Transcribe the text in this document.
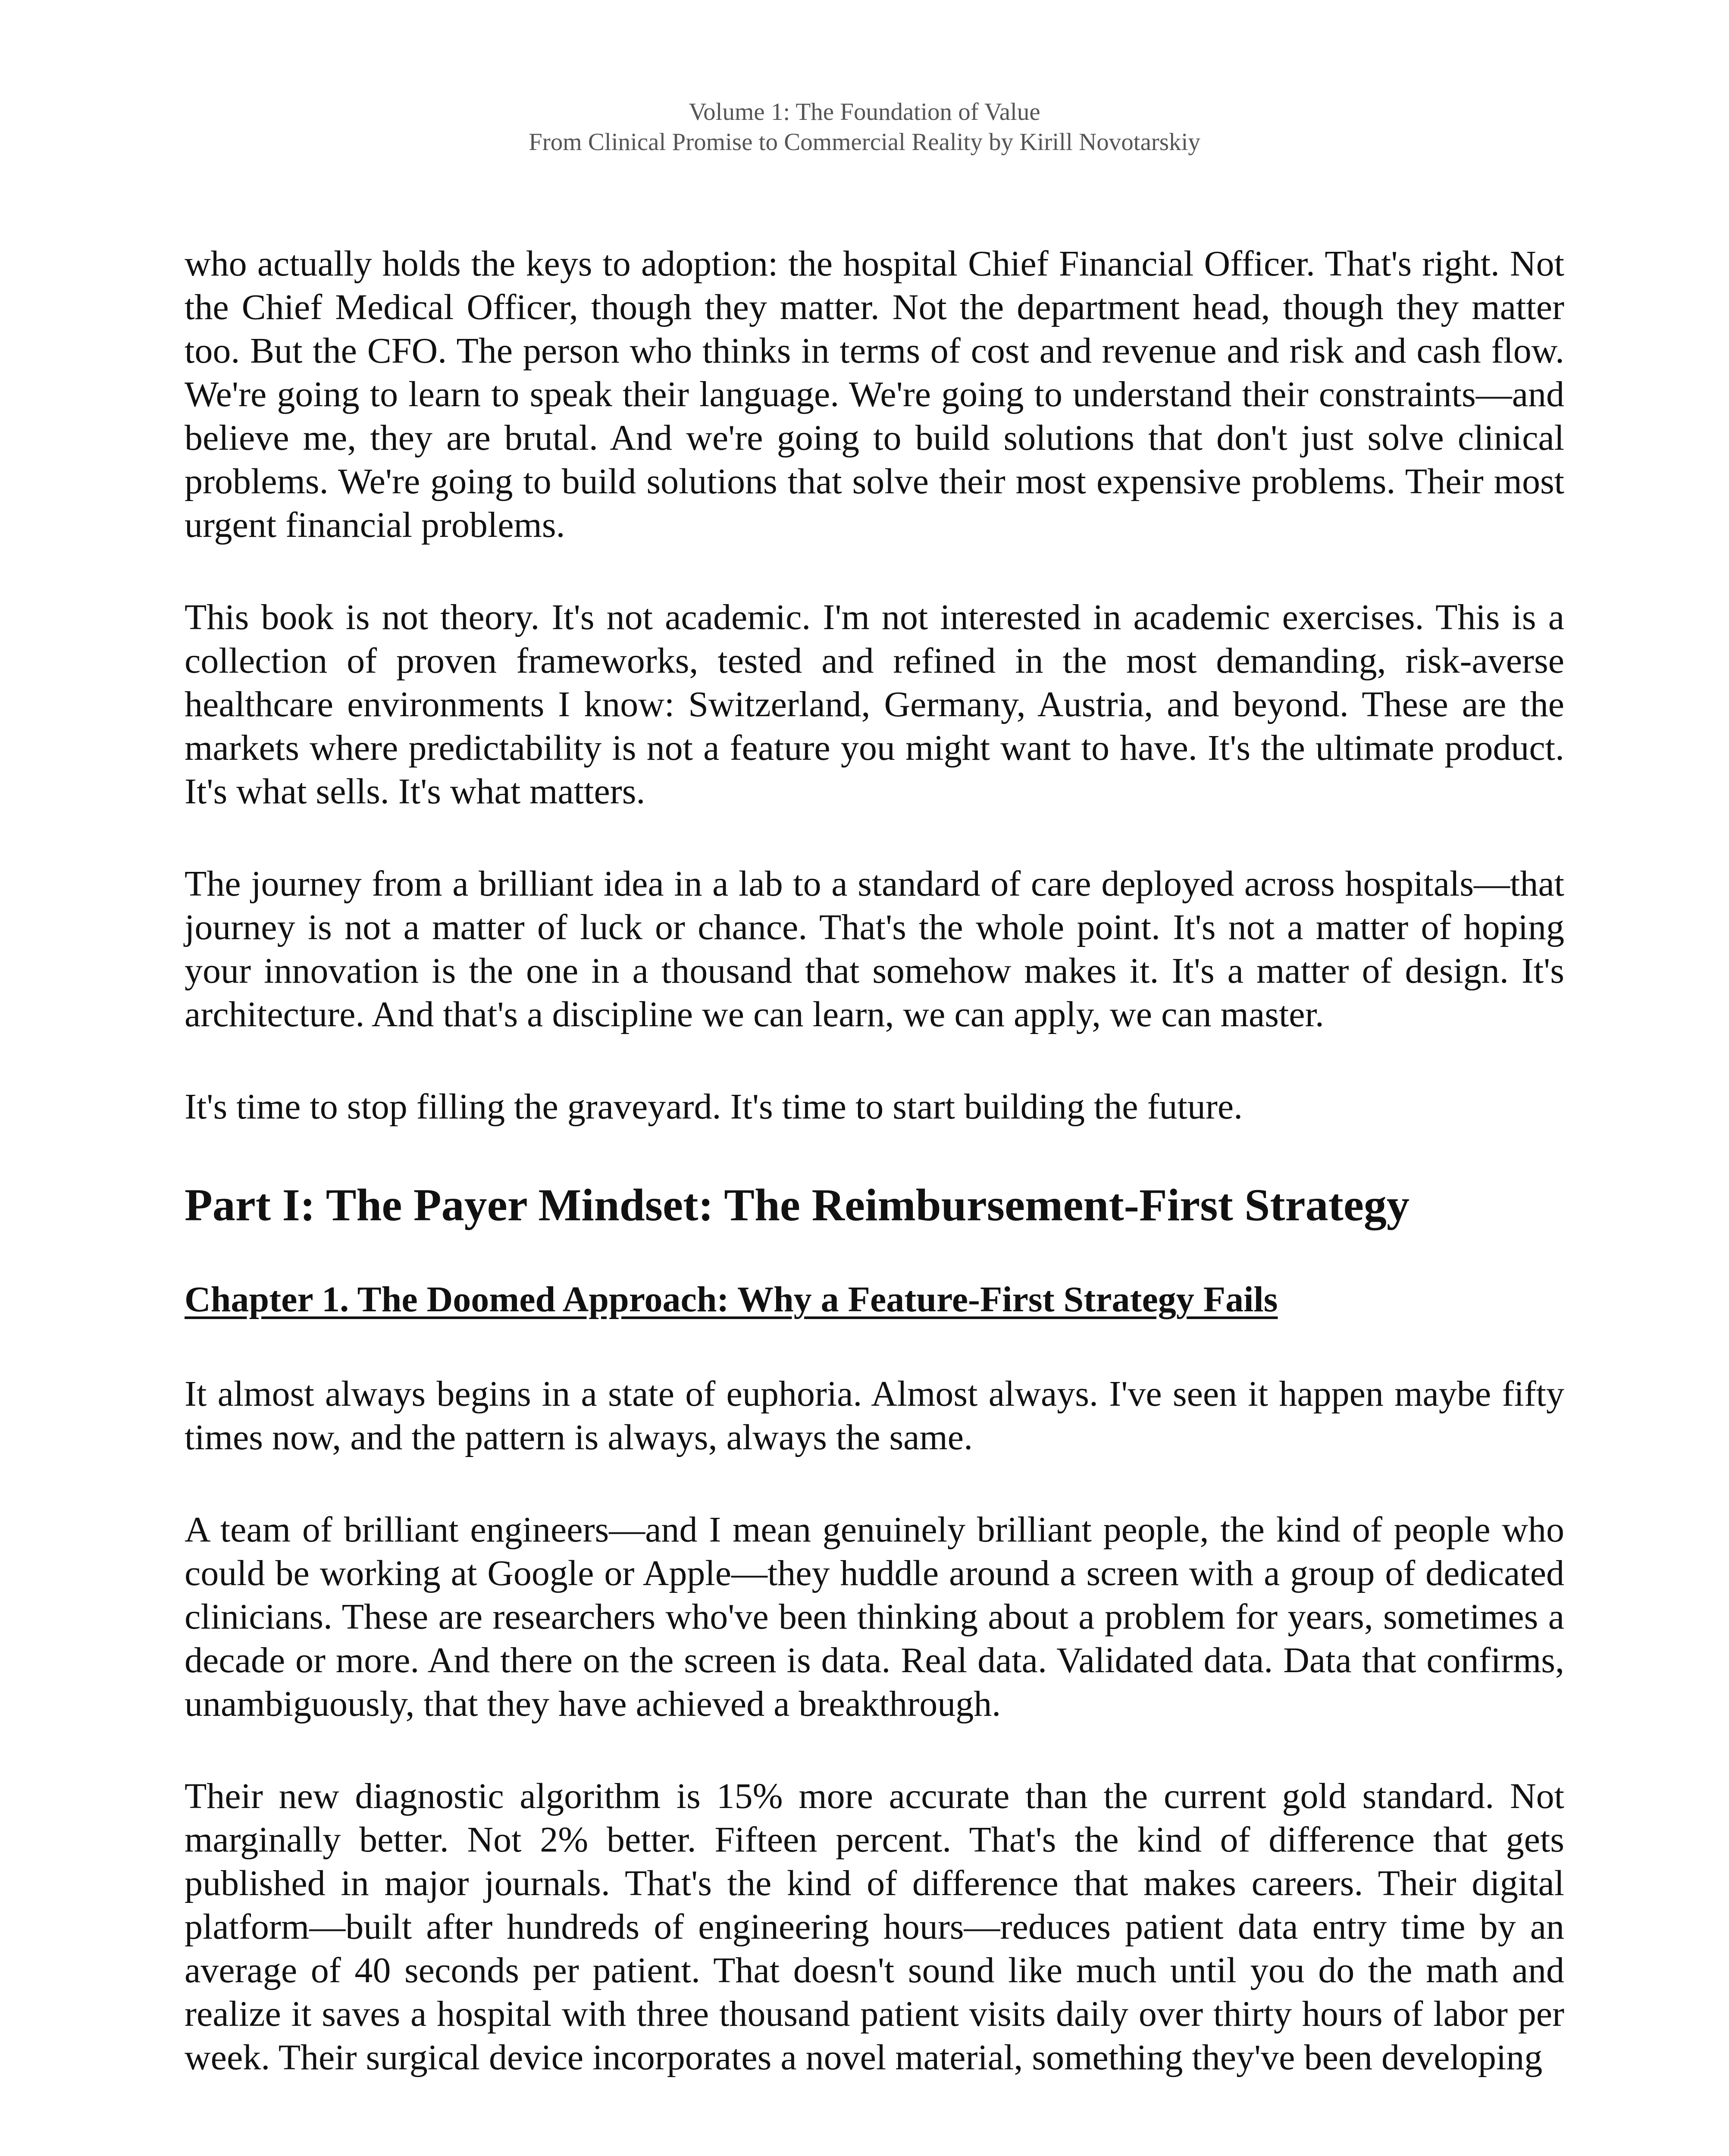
Volume 1: The Foundation of Value
From Clinical Promise to Commercial Reality by Kirill Novotarskiy

who actually holds the keys to adoption: the hospital Chief Financial Officer. That's right. Not the Chief Medical Officer, though they matter. Not the department head, though they matter too. But the CFO. The person who thinks in terms of cost and revenue and risk and cash flow. We're going to learn to speak their language. We're going to understand their constraints—and believe me, they are brutal. And we're going to build solutions that don't just solve clinical problems. We're going to build solutions that solve their most expensive problems. Their most urgent financial problems.

This book is not theory. It's not academic. I'm not interested in academic exercises. This is a collection of proven frameworks, tested and refined in the most demanding, risk-averse healthcare environments I know: Switzerland, Germany, Austria, and beyond. These are the markets where predictability is not a feature you might want to have. It's the ultimate product. It's what sells. It's what matters.

The journey from a brilliant idea in a lab to a standard of care deployed across hospitals—that journey is not a matter of luck or chance. That's the whole point. It's not a matter of hoping your innovation is the one in a thousand that somehow makes it. It's a matter of design. It's architecture. And that's a discipline we can learn, we can apply, we can master.

It's time to stop filling the graveyard. It's time to start building the future.

Part I: The Payer Mindset: The Reimbursement-First Strategy
Chapter 1. The Doomed Approach: Why a Feature-First Strategy Fails

It almost always begins in a state of euphoria. Almost always. I've seen it happen maybe fifty times now, and the pattern is always, always the same.

A team of brilliant engineers—and I mean genuinely brilliant people, the kind of people who could be working at Google or Apple—they huddle around a screen with a group of dedicated clinicians. These are researchers who've been thinking about a problem for years, sometimes a decade or more. And there on the screen is data. Real data. Validated data. Data that confirms, unambiguously, that they have achieved a breakthrough.

Their new diagnostic algorithm is 15% more accurate than the current gold standard. Not marginally better. Not 2% better. Fifteen percent. That's the kind of difference that gets published in major journals. That's the kind of difference that makes careers. Their digital platform—built after hundreds of engineering hours—reduces patient data entry time by an average of 40 seconds per patient. That doesn't sound like much until you do the math and realize it saves a hospital with three thousand patient visits daily over thirty hours of labor per week. Their surgical device incorporates a novel material, something they've been developing
